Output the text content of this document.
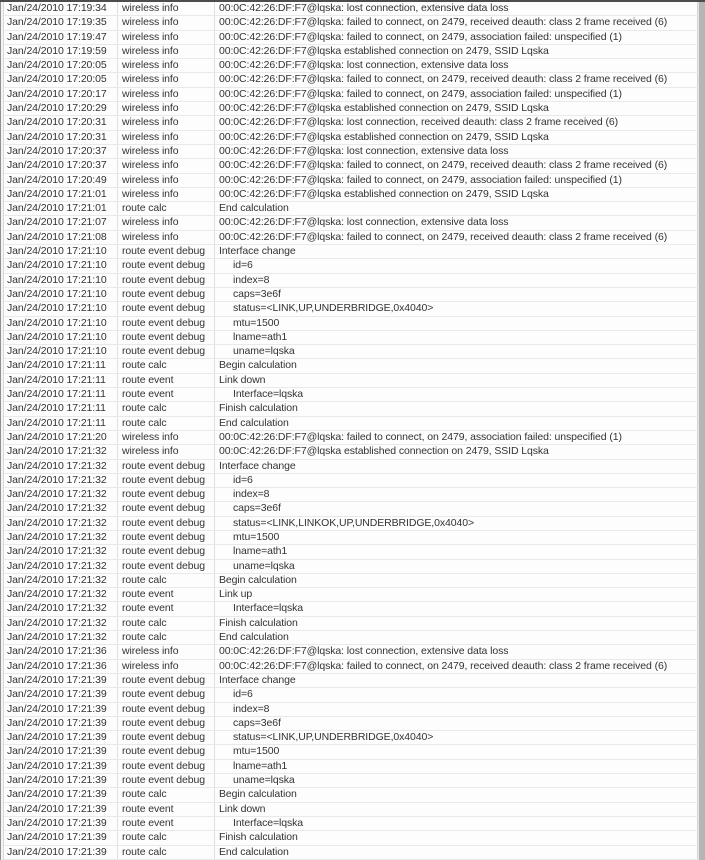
Jan/24/2010 17:19:34	wireless info	00:0C:42:26:DF:F7@lqska: lost connection, extensive data loss
Jan/24/2010 17:19:35	wireless info	00:0C:42:26:DF:F7@lqska: failed to connect, on 2479, received deauth: class 2 frame received (6)
Jan/24/2010 17:19:47	wireless info	00:0C:42:26:DF:F7@lqska: failed to connect, on 2479, association failed: unspecified (1)
Jan/24/2010 17:19:59	wireless info	00:0C:42:26:DF:F7@lqska established connection on 2479, SSID Lqska
Jan/24/2010 17:20:05	wireless info	00:0C:42:26:DF:F7@lqska: lost connection, extensive data loss
Jan/24/2010 17:20:05	wireless info	00:0C:42:26:DF:F7@lqska: failed to connect, on 2479, received deauth: class 2 frame received (6)
Jan/24/2010 17:20:17	wireless info	00:0C:42:26:DF:F7@lqska: failed to connect, on 2479, association failed: unspecified (1)
Jan/24/2010 17:20:29	wireless info	00:0C:42:26:DF:F7@lqska established connection on 2479, SSID Lqska
Jan/24/2010 17:20:31	wireless info	00:0C:42:26:DF:F7@lqska: lost connection, received deauth: class 2 frame received (6)
Jan/24/2010 17:20:31	wireless info	00:0C:42:26:DF:F7@lqska established connection on 2479, SSID Lqska
Jan/24/2010 17:20:37	wireless info	00:0C:42:26:DF:F7@lqska: lost connection, extensive data loss
Jan/24/2010 17:20:37	wireless info	00:0C:42:26:DF:F7@lqska: failed to connect, on 2479, received deauth: class 2 frame received (6)
Jan/24/2010 17:20:49	wireless info	00:0C:42:26:DF:F7@lqska: failed to connect, on 2479, association failed: unspecified (1)
Jan/24/2010 17:21:01	wireless info	00:0C:42:26:DF:F7@lqska established connection on 2479, SSID Lqska
Jan/24/2010 17:21:01	route calc	End calculation
Jan/24/2010 17:21:07	wireless info	00:0C:42:26:DF:F7@lqska: lost connection, extensive data loss
Jan/24/2010 17:21:08	wireless info	00:0C:42:26:DF:F7@lqska: failed to connect, on 2479, received deauth: class 2 frame received (6)
Jan/24/2010 17:21:10	route event debug	Interface change
Jan/24/2010 17:21:10	route event debug	id=6
Jan/24/2010 17:21:10	route event debug	index=8
Jan/24/2010 17:21:10	route event debug	caps=3e6f
Jan/24/2010 17:21:10	route event debug	status=<LINK,UP,UNDERBRIDGE,0x4040>
Jan/24/2010 17:21:10	route event debug	mtu=1500
Jan/24/2010 17:21:10	route event debug	lname=ath1
Jan/24/2010 17:21:10	route event debug	uname=lqska
Jan/24/2010 17:21:11	route calc	Begin calculation
Jan/24/2010 17:21:11	route event	Link down
Jan/24/2010 17:21:11	route event	Interface=lqska
Jan/24/2010 17:21:11	route calc	Finish calculation
Jan/24/2010 17:21:11	route calc	End calculation
Jan/24/2010 17:21:20	wireless info	00:0C:42:26:DF:F7@lqska: failed to connect, on 2479, association failed: unspecified (1)
Jan/24/2010 17:21:32	wireless info	00:0C:42:26:DF:F7@lqska established connection on 2479, SSID Lqska
Jan/24/2010 17:21:32	route event debug	Interface change
Jan/24/2010 17:21:32	route event debug	id=6
Jan/24/2010 17:21:32	route event debug	index=8
Jan/24/2010 17:21:32	route event debug	caps=3e6f
Jan/24/2010 17:21:32	route event debug	status=<LINK,LINKOK,UP,UNDERBRIDGE,0x4040>
Jan/24/2010 17:21:32	route event debug	mtu=1500
Jan/24/2010 17:21:32	route event debug	lname=ath1
Jan/24/2010 17:21:32	route event debug	uname=lqska
Jan/24/2010 17:21:32	route calc	Begin calculation
Jan/24/2010 17:21:32	route event	Link up
Jan/24/2010 17:21:32	route event	Interface=lqska
Jan/24/2010 17:21:32	route calc	Finish calculation
Jan/24/2010 17:21:32	route calc	End calculation
Jan/24/2010 17:21:36	wireless info	00:0C:42:26:DF:F7@lqska: lost connection, extensive data loss
Jan/24/2010 17:21:36	wireless info	00:0C:42:26:DF:F7@lqska: failed to connect, on 2479, received deauth: class 2 frame received (6)
Jan/24/2010 17:21:39	route event debug	Interface change
Jan/24/2010 17:21:39	route event debug	id=6
Jan/24/2010 17:21:39	route event debug	index=8
Jan/24/2010 17:21:39	route event debug	caps=3e6f
Jan/24/2010 17:21:39	route event debug	status=<LINK,UP,UNDERBRIDGE,0x4040>
Jan/24/2010 17:21:39	route event debug	mtu=1500
Jan/24/2010 17:21:39	route event debug	lname=ath1
Jan/24/2010 17:21:39	route event debug	uname=lqska
Jan/24/2010 17:21:39	route calc	Begin calculation
Jan/24/2010 17:21:39	route event	Link down
Jan/24/2010 17:21:39	route event	Interface=lqska
Jan/24/2010 17:21:39	route calc	Finish calculation
Jan/24/2010 17:21:39	route calc	End calculation
